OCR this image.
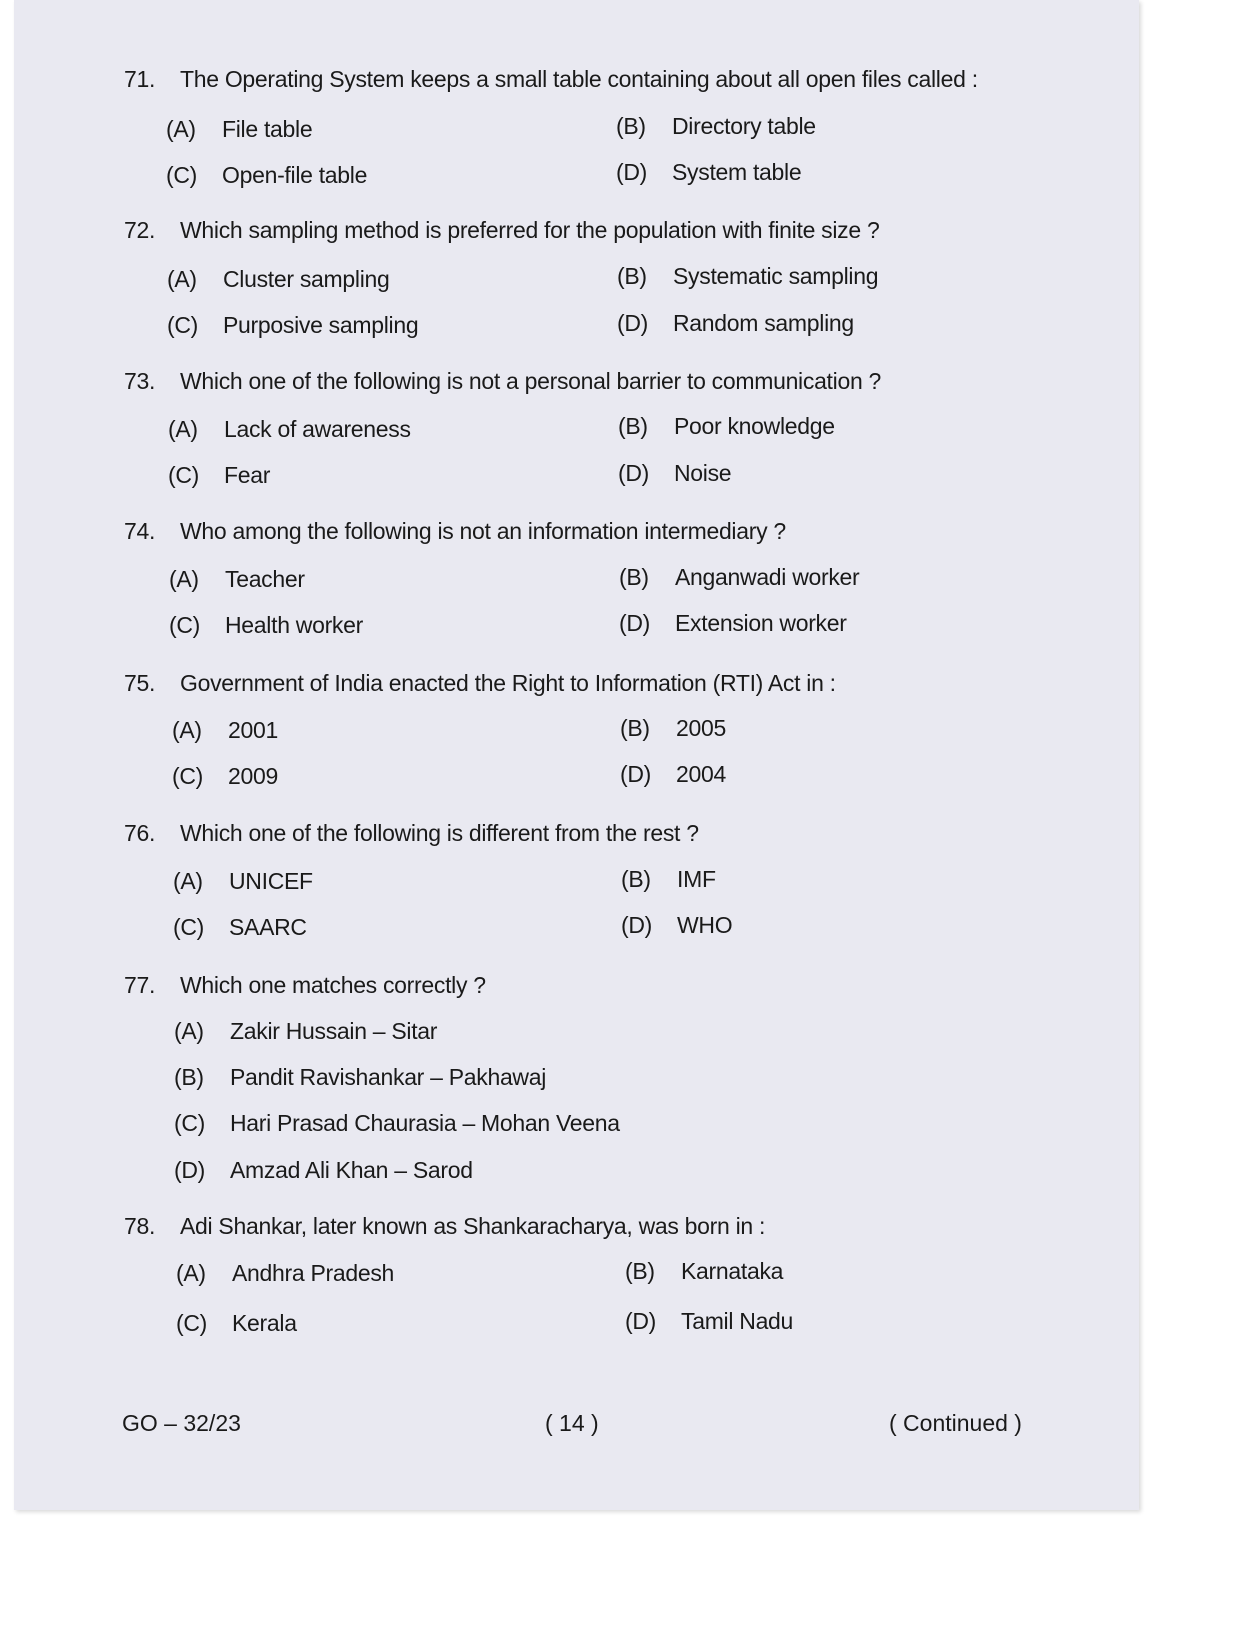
71. The Operating System keeps a small table containing about all open files called :
(A) File table	(B) Directory table
(C) Open-file table	(D) System table
72. Which sampling method is preferred for the population with finite size ?
(A) Cluster sampling	(B) Systematic sampling
(C) Purposive sampling	(D) Random sampling
73. Which one of the following is not a personal barrier to communication ?
(A) Lack of awareness	(B) Poor knowledge
(C) Fear	(D) Noise
74. Who among the following is not an information intermediary ?
(A) Teacher	(B) Anganwadi worker
(C) Health worker	(D) Extension worker
75. Government of India enacted the Right to Information (RTI) Act in :
(A) 2001	(B) 2005
(C) 2009	(D) 2004
76. Which one of the following is different from the rest ?
(A) UNICEF	(B) IMF
(C) SAARC	(D) WHO
77. Which one matches correctly ?
(A) Zakir Hussain – Sitar
(B) Pandit Ravishankar – Pakhawaj
(C) Hari Prasad Chaurasia – Mohan Veena
(D) Amzad Ali Khan – Sarod
78. Adi Shankar, later known as Shankaracharya, was born in :
(A) Andhra Pradesh	(B) Karnataka
(C) Kerala	(D) Tamil Nadu
GO – 32/23	( 14 )	( Continued )
